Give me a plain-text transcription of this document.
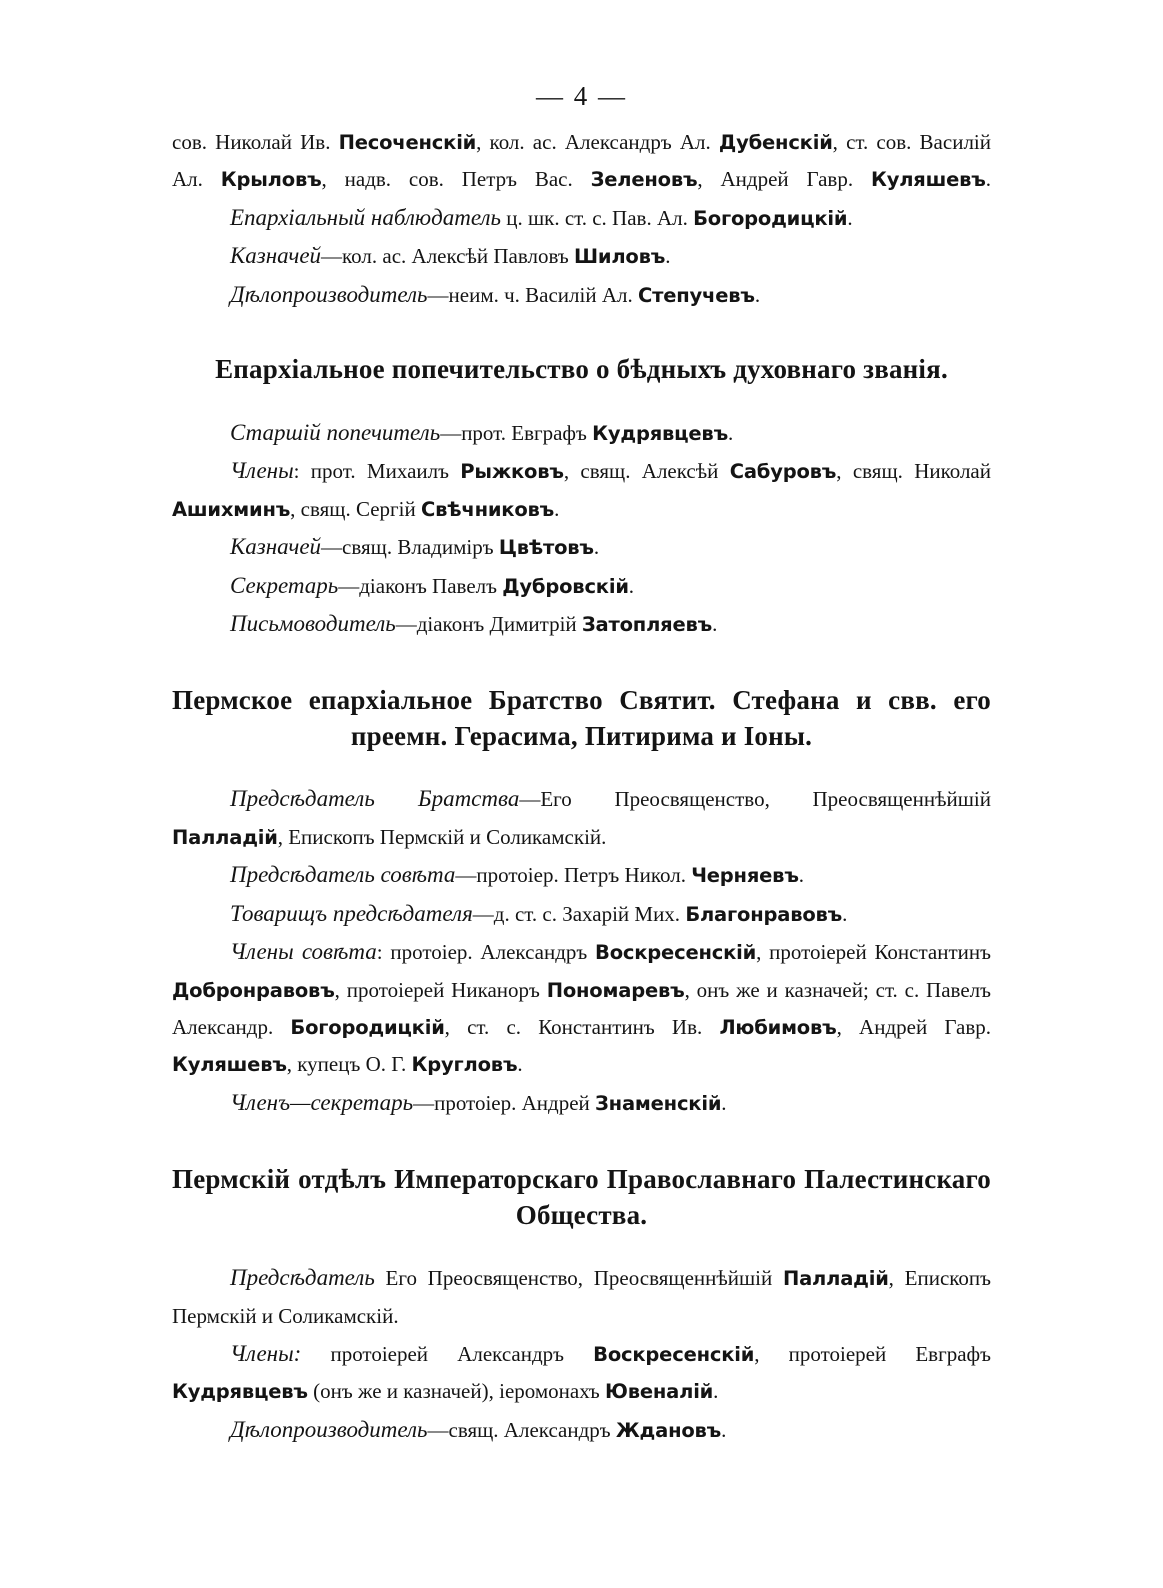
— 4 —

сов. Николай Ив. Песоченскій, кол. ас. Александръ Ал. Дубенскій, ст. сов. Василій Ал. Крыловъ, надв. сов. Петръ Вас. Зеленовъ, Андрей Гавр. Куляшевъ.

Епархіальный наблюдатель ц. шк. ст. с. Пав. Ал. Богородицкій.

Казначей—кол. ас. Алексѣй Павловъ Шиловъ.

Дѣлопроизводитель—неим. ч. Василій Ал. Степучевъ.

Епархіальное попечительство о бѣдныхъ духовнаго званія.

Старшій попечитель—прот. Евграфъ Кудрявцевъ.

Члены: прот. Михаилъ Рыжковъ, свящ. Алексѣй Сабуровъ, свящ. Николай Ашихминъ, свящ. Сергій Свѣчниковъ.

Казначей—свящ. Владиміръ Цвѣтовъ.

Секретарь—діаконъ Павелъ Дубровскій.

Письмоводитель—діаконъ Димитрій Затопляевъ.

Пермское епархіальное Братство Святит. Стефана и свв. его преемн. Герасима, Питирима и Іоны.

Предсѣдатель Братства—Его Преосвященство, Преосвященнѣйшій Палладій, Епископъ Пермскій и Соликамскій.

Предсѣдатель совѣта—протоіер. Петръ Никол. Черняевъ.

Товарищъ предсѣдателя—д. ст. с. Захарій Мих. Благонравовъ.

Члены совѣта: протоіер. Александръ Воскресенскій, протоіерей Константинъ Добронравовъ, протоіерей Никаноръ Пономаревъ, онъ же и казначей; ст. с. Павелъ Александр. Богородицкій, ст. с. Константинъ Ив. Любимовъ, Андрей Гавр. Куляшевъ, купецъ О. Г. Кругловъ.

Членъ—секретарь—протоіер. Андрей Знаменскій.

Пермскій отдѣлъ Императорскаго Православнаго Палестинскаго Общества.

Предсѣдатель Его Преосвященство, Преосвященнѣйшій Палладій, Епископъ Пермскій и Соликамскій.

Члены: протоіерей Александръ Воскресенскій, протоіерей Евграфъ Кудрявцевъ (онъ же и казначей), іеромонахъ Ювеналій.

Дѣлопроизводитель—свящ. Александръ Ждановъ.
